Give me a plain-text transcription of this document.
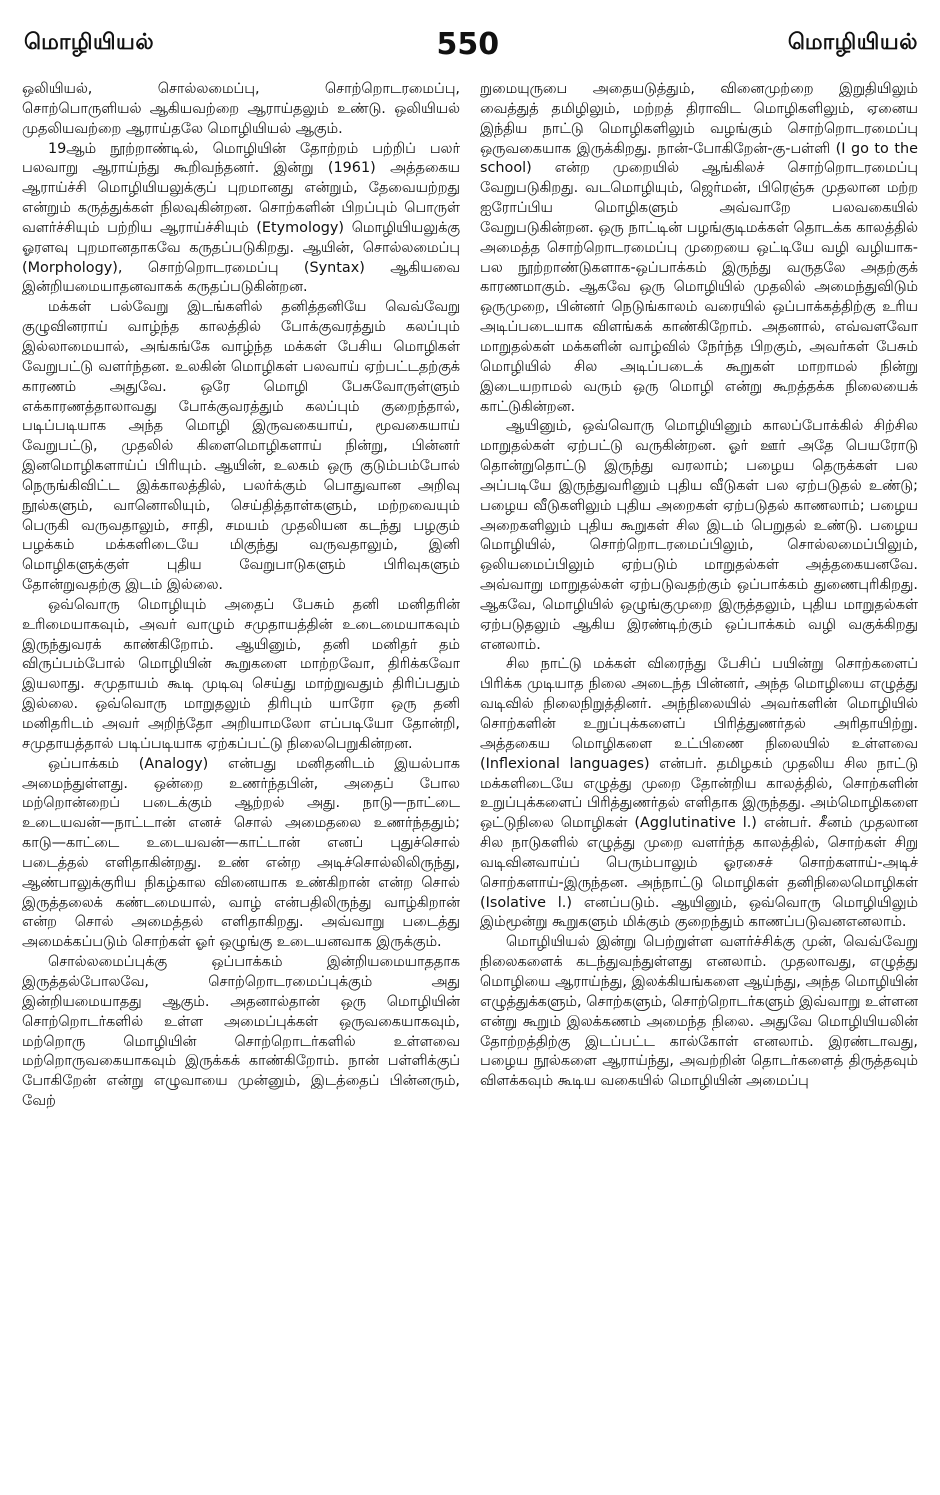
மொழியியல்	550	மொழியியல்

ஒலியியல், சொல்லமைப்பு, சொற்றொடரமைப்பு, சொற்பொருளியல் ஆகியவற்றை ஆராய்தலும் உண்டு. ஒலியியல் முதலியவற்றை ஆராய்தலே மொழியியல் ஆகும்.

19ஆம் நூற்றாண்டில், மொழியின் தோற்றம் பற்றிப் பலர் பலவாறு ஆராய்ந்து கூறிவந்தனர். இன்று (1961) அத்தகைய ஆராய்ச்சி மொழியியலுக்குப் புறமானது என்றும், தேவையற்றது என்றும் கருத்துக்கள் நிலவுகின்றன. சொற்களின் பிறப்பும் பொருள் வளர்ச்சியும் பற்றிய ஆராய்ச்சியும் (Etymology) மொழியியலுக்கு ஓரளவு புறமானதாகவே கருதப்படுகிறது. ஆயின், சொல்லமைப்பு (Morphology), சொற்றொடரமைப்பு (Syntax) ஆகியவை இன்றியமையாதனவாகக் கருதப்படுகின்றன.

மக்கள் பல்வேறு இடங்களில் தனித்தனியே வெவ்வேறு குழுவினராய் வாழ்ந்த காலத்தில் போக்குவரத்தும் கலப்பும் இல்லாமையால், அங்கங்கே வாழ்ந்த மக்கள் பேசிய மொழிகள் வேறுபட்டு வளர்ந்தன. உலகின் மொழிகள் பலவாய் ஏற்பட்டதற்குக் காரணம் அதுவே. ஒரே மொழி பேசுவோருள்ளும் எக்காரணத்தாலாவது போக்குவரத்தும் கலப்பும் குறைந்தால், படிப்படியாக அந்த மொழி இருவகையாய், மூவகையாய் வேறுபட்டு, முதலில் கிளைமொழிகளாய் நின்று, பின்னர் இனமொழிகளாய்ப் பிரியும். ஆயின், உலகம் ஒரு குடும்பம்போல் நெருங்கிவிட்ட இக்காலத்தில், பலர்க்கும் பொதுவான அறிவு நூல்களும், வானொலியும், செய்தித்தாள்களும், மற்றவையும் பெருகி வருவதாலும், சாதி, சமயம் முதலியன கடந்து பழகும் பழக்கம் மக்களிடையே மிகுந்து வருவதாலும், இனி மொழிகளுக்குள் புதிய வேறுபாடுகளும் பிரிவுகளும் தோன்றுவதற்கு இடம் இல்லை.

ஒவ்வொரு மொழியும் அதைப் பேசும் தனி மனிதரின் உரிமையாகவும், அவர் வாழும் சமுதாயத்தின் உடைமையாகவும் இருந்துவரக் காண்கிறோம். ஆயினும், தனி மனிதர் தம் விருப்பம்போல் மொழியின் கூறுகளை மாற்றவோ, திரிக்கவோ இயலாது. சமுதாயம் கூடி முடிவு செய்து மாற்றுவதும் திரிப்பதும் இல்லை. ஒவ்வொரு மாறுதலும் திரிபும் யாரோ ஒரு தனி மனிதரிடம் அவர் அறிந்தோ அறியாமலோ எப்படியோ தோன்றி, சமுதாயத்தால் படிப்படியாக ஏற்கப்பட்டு நிலைபெறுகின்றன.

ஒப்பாக்கம் (Analogy) என்பது மனிதனிடம் இயல்பாக அமைந்துள்ளது. ஒன்றை உணர்ந்தபின், அதைப் போல மற்றொன்றைப் படைக்கும் ஆற்றல் அது. நாடு—நாட்டை உடையவன்—நாட்டான் எனச் சொல் அமைதலை உணர்ந்ததும்; காடு—காட்டை உடையவன்—காட்டான் எனப் புதுச்சொல் படைத்தல் எளிதாகின்றது. உண் என்ற அடிச்சொல்லிலிருந்து, ஆண்பாலுக்குரிய நிகழ்கால வினையாக உண்கிறான் என்ற சொல் இருத்தலைக் கண்டமையால், வாழ் என்பதிலிருந்து வாழ்கிறான் என்ற சொல் அமைத்தல் எளிதாகிறது. அவ்வாறு படைத்து அமைக்கப்படும் சொற்கள் ஓர் ஒழுங்கு உடையனவாக இருக்கும்.

சொல்லமைப்புக்கு ஒப்பாக்கம் இன்றியமையாததாக இருத்தல்போலவே, சொற்றொடரமைப்புக்கும் அது இன்றியமையாதது ஆகும். அதனால்தான் ஒரு மொழியின் சொற்றொடர்களில் உள்ள அமைப்புக்கள் ஒருவகையாகவும், மற்றொரு மொழியின் சொற்றொடர்களில் உள்ளவை மற்றொருவகையாகவும் இருக்கக் காண்கிறோம். நான் பள்ளிக்குப் போகிறேன் என்று எழுவாயை முன்னும், இடத்தைப் பின்னரும், வேற்

றுமையுருபை அதையடுத்தும், வினைமுற்றை இறுதியிலும் வைத்துத் தமிழிலும், மற்றத் திராவிட மொழிகளிலும், ஏனைய இந்திய நாட்டு மொழிகளிலும் வழங்கும் சொற்றொடரமைப்பு ஒருவகையாக இருக்கிறது. நான்-போகிறேன்-கு-பள்ளி (I go to the school) என்ற முறையில் ஆங்கிலச் சொற்றொடரமைப்பு வேறுபடுகிறது. வடமொழியும், ஜெர்மன், பிரெஞ்சு முதலான மற்ற ஐரோப்பிய மொழிகளும் அவ்வாறே பலவகையில் வேறுபடுகின்றன. ஒரு நாட்டின் பழங்குடிமக்கள் தொடக்க காலத்தில் அமைத்த சொற்றொடரமைப்பு முறையை ஒட்டியே வழி வழியாக-பல நூற்றாண்டுகளாக-ஒப்பாக்கம் இருந்து வருதலே அதற்குக் காரணமாகும். ஆகவே ஒரு மொழியில் முதலில் அமைந்துவிடும் ஒருமுறை, பின்னர் நெடுங்காலம் வரையில் ஒப்பாக்கத்திற்கு உரிய அடிப்படையாக விளங்கக் காண்கிறோம். அதனால், எவ்வளவோ மாறுதல்கள் மக்களின் வாழ்வில் நேர்ந்த பிறகும், அவர்கள் பேசும் மொழியில் சில அடிப்படைக் கூறுகள் மாறாமல் நின்று இடையறாமல் வரும் ஒரு மொழி என்று கூறத்தக்க நிலையைக் காட்டுகின்றன.

ஆயினும், ஒவ்வொரு மொழியினும் காலப்போக்கில் சிற்சில மாறுதல்கள் ஏற்பட்டு வருகின்றன. ஓர் ஊர் அதே பெயரோடு தொன்றுதொட்டு இருந்து வரலாம்; பழைய தெருக்கள் பல அப்படியே இருந்துவரினும் புதிய வீடுகள் பல ஏற்படுதல் உண்டு; பழைய வீடுகளிலும் புதிய அறைகள் ஏற்படுதல் காணலாம்; பழைய அறைகளிலும் புதிய கூறுகள் சில இடம் பெறுதல் உண்டு. பழைய மொழியில், சொற்றொடரமைப்பிலும், சொல்லமைப்பிலும், ஒலியமைப்பிலும் ஏற்படும் மாறுதல்கள் அத்தகையனவே. அவ்வாறு மாறுதல்கள் ஏற்படுவதற்கும் ஒப்பாக்கம் துணைபுரிகிறது. ஆகவே, மொழியில் ஒழுங்குமுறை இருத்தலும், புதிய மாறுதல்கள் ஏற்படுதலும் ஆகிய இரண்டிற்கும் ஒப்பாக்கம் வழி வகுக்கிறது எனலாம்.

சில நாட்டு மக்கள் விரைந்து பேசிப் பயின்று சொற்களைப் பிரிக்க முடியாத நிலை அடைந்த பின்னர், அந்த மொழியை எழுத்து வடிவில் நிலைநிறுத்தினர். அந்நிலையில் அவர்களின் மொழியில் சொற்களின் உறுப்புக்களைப் பிரித்துணர்தல் அரிதாயிற்று. அத்தகைய மொழிகளை உட்பிணை நிலையில் உள்ளவை (Inflexional languages) என்பர். தமிழகம் முதலிய சில நாட்டு மக்களிடையே எழுத்து முறை தோன்றிய காலத்தில், சொற்களின் உறுப்புக்களைப் பிரித்துணர்தல் எளிதாக இருந்தது. அம்மொழிகளை ஒட்டுநிலை மொழிகள் (Agglutinative l.) என்பர். சீனம் முதலான சில நாடுகளில் எழுத்து முறை வளர்ந்த காலத்தில், சொற்கள் சிறு வடிவினவாய்ப் பெரும்பாலும் ஓரசைச் சொற்களாய்-அடிச் சொற்களாய்-இருந்தன. அந்நாட்டு மொழிகள் தனிநிலைமொழிகள் (Isolative l.) எனப்படும். ஆயினும், ஒவ்வொரு மொழியிலும் இம்மூன்று கூறுகளும் மிக்கும் குறைந்தும் காணப்படுவனஎனலாம்.

மொழியியல் இன்று பெற்றுள்ள வளர்ச்சிக்கு முன், வெவ்வேறு நிலைகளைக் கடந்துவந்துள்ளது எனலாம். முதலாவது, எழுத்து மொழியை ஆராய்ந்து, இலக்கியங்களை ஆய்ந்து, அந்த மொழியின் எழுத்துக்களும், சொற்களும், சொற்றொடர்களும் இவ்வாறு உள்ளன என்று கூறும் இலக்கணம் அமைந்த நிலை. அதுவே மொழியியலின் தோற்றத்திற்கு இடப்பட்ட கால்கோள் எனலாம். இரண்டாவது, பழைய நூல்களை ஆராய்ந்து, அவற்றின் தொடர்களைத் திருத்தவும் விளக்கவும் கூடிய வகையில் மொழியின் அமைப்பு
